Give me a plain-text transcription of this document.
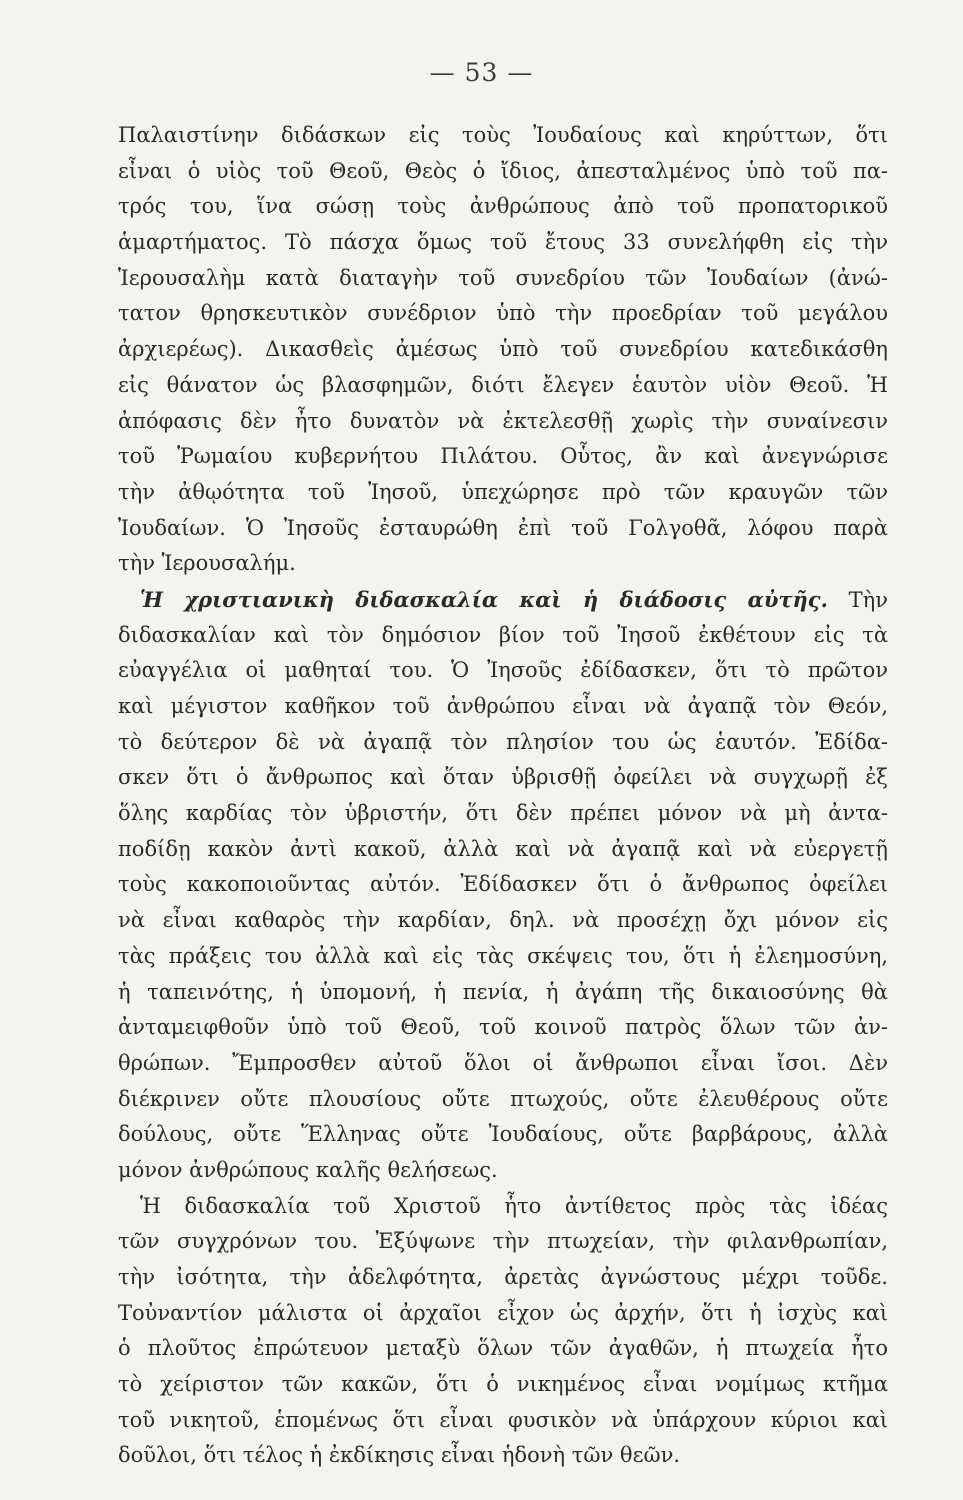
— 53 —
Παλαιστίνην διδάσκων εἰς τοὺς Ἰουδαίους καὶ κηρύττων, ὅτι
εἶναι ὁ υἱὸς τοῦ Θεοῦ, Θεὸς ὁ ἴδιος, ἀπεσταλμένος ὑπὸ τοῦ πα-
τρός του, ἵνα σώσῃ τοὺς ἀνθρώπους ἀπὸ τοῦ προπατορικοῦ
ἁμαρτήματος. Τὸ πάσχα ὅμως τοῦ ἔτους 33 συνελήφθη εἰς τὴν
Ἱερουσαλὴμ κατὰ διαταγὴν τοῦ συνεδρίου τῶν Ἰουδαίων (ἀνώ-
τατον θρησκευτικὸν συνέδριον ὑπὸ τὴν προεδρίαν τοῦ μεγάλου
ἀρχιερέως). Δικασθεὶς ἀμέσως ὑπὸ τοῦ συνεδρίου κατεδικάσθη
εἰς θάνατον ὡς βλασφημῶν, διότι ἔλεγεν ἑαυτὸν υἱὸν Θεοῦ. Ἡ
ἀπόφασις δὲν ἦτο δυνατὸν νὰ ἐκτελεσθῇ χωρὶς τὴν συναίνεσιν
τοῦ Ῥωμαίου κυβερνήτου Πιλάτου. Οὗτος, ἂν καὶ ἀνεγνώρισε
τὴν ἀθῳότητα τοῦ Ἰησοῦ, ὑπεχώρησε πρὸ τῶν κραυγῶν τῶν
Ἰουδαίων. Ὁ Ἰησοῦς ἐσταυρώθη ἐπὶ τοῦ Γολγοθᾶ, λόφου παρὰ
τὴν Ἱερουσαλήμ.
Ἡ χριστιανικὴ διδασκαλία καὶ ἡ διάδοσις αὐτῆς. Τὴν
διδασκαλίαν καὶ τὸν δημόσιον βίον τοῦ Ἰησοῦ ἐκθέτουν εἰς τὰ
εὐαγγέλια οἱ μαθηταί του. Ὁ Ἰησοῦς ἐδίδασκεν, ὅτι τὸ πρῶτον
καὶ μέγιστον καθῆκον τοῦ ἀνθρώπου εἶναι νὰ ἀγαπᾷ τὸν Θεόν,
τὸ δεύτερον δὲ νὰ ἀγαπᾷ τὸν πλησίον του ὡς ἑαυτόν. Ἐδίδα-
σκεν ὅτι ὁ ἄνθρωπος καὶ ὅταν ὑβρισθῇ ὀφείλει νὰ συγχωρῇ ἐξ
ὅλης καρδίας τὸν ὑβριστήν, ὅτι δὲν πρέπει μόνον νὰ μὴ ἀντα-
ποδίδῃ κακὸν ἀντὶ κακοῦ, ἀλλὰ καὶ νὰ ἀγαπᾷ καὶ νὰ εὐεργετῇ
τοὺς κακοποιοῦντας αὐτόν. Ἐδίδασκεν ὅτι ὁ ἄνθρωπος ὀφείλει
νὰ εἶναι καθαρὸς τὴν καρδίαν, δηλ. νὰ προσέχῃ ὄχι μόνον εἰς
τὰς πράξεις του ἀλλὰ καὶ εἰς τὰς σκέψεις του, ὅτι ἡ ἐλεημοσύνη,
ἡ ταπεινότης, ἡ ὑπομονή, ἡ πενία, ἡ ἀγάπη τῆς δικαιοσύνης θὰ
ἀνταμειφθοῦν ὑπὸ τοῦ Θεοῦ, τοῦ κοινοῦ πατρὸς ὅλων τῶν ἀν-
θρώπων. Ἔμπροσθεν αὐτοῦ ὅλοι οἱ ἄνθρωποι εἶναι ἴσοι. Δὲν
διέκρινεν οὔτε πλουσίους οὔτε πτωχούς, οὔτε ἐλευθέρους οὔτε
δούλους, οὔτε Ἕλληνας οὔτε Ἰουδαίους, οὔτε βαρβάρους, ἀλλὰ
μόνον ἀνθρώπους καλῆς θελήσεως.
Ἡ διδασκαλία τοῦ Χριστοῦ ἦτο ἀντίθετος πρὸς τὰς ἰδέας
τῶν συγχρόνων του. Ἐξύψωνε τὴν πτωχείαν, τὴν φιλανθρωπίαν,
τὴν ἰσότητα, τὴν ἀδελφότητα, ἀρετὰς ἀγνώστους μέχρι τοῦδε.
Τοὐναντίον μάλιστα οἱ ἀρχαῖοι εἶχον ὡς ἀρχήν, ὅτι ἡ ἰσχὺς καὶ
ὁ πλοῦτος ἐπρώτευον μεταξὺ ὅλων τῶν ἀγαθῶν, ἡ πτωχεία ἦτο
τὸ χείριστον τῶν κακῶν, ὅτι ὁ νικημένος εἶναι νομίμως κτῆμα
τοῦ νικητοῦ, ἑπομένως ὅτι εἶναι φυσικὸν νὰ ὑπάρχουν κύριοι καὶ
δοῦλοι, ὅτι τέλος ἡ ἐκδίκησις εἶναι ἡδονὴ τῶν θεῶν.
